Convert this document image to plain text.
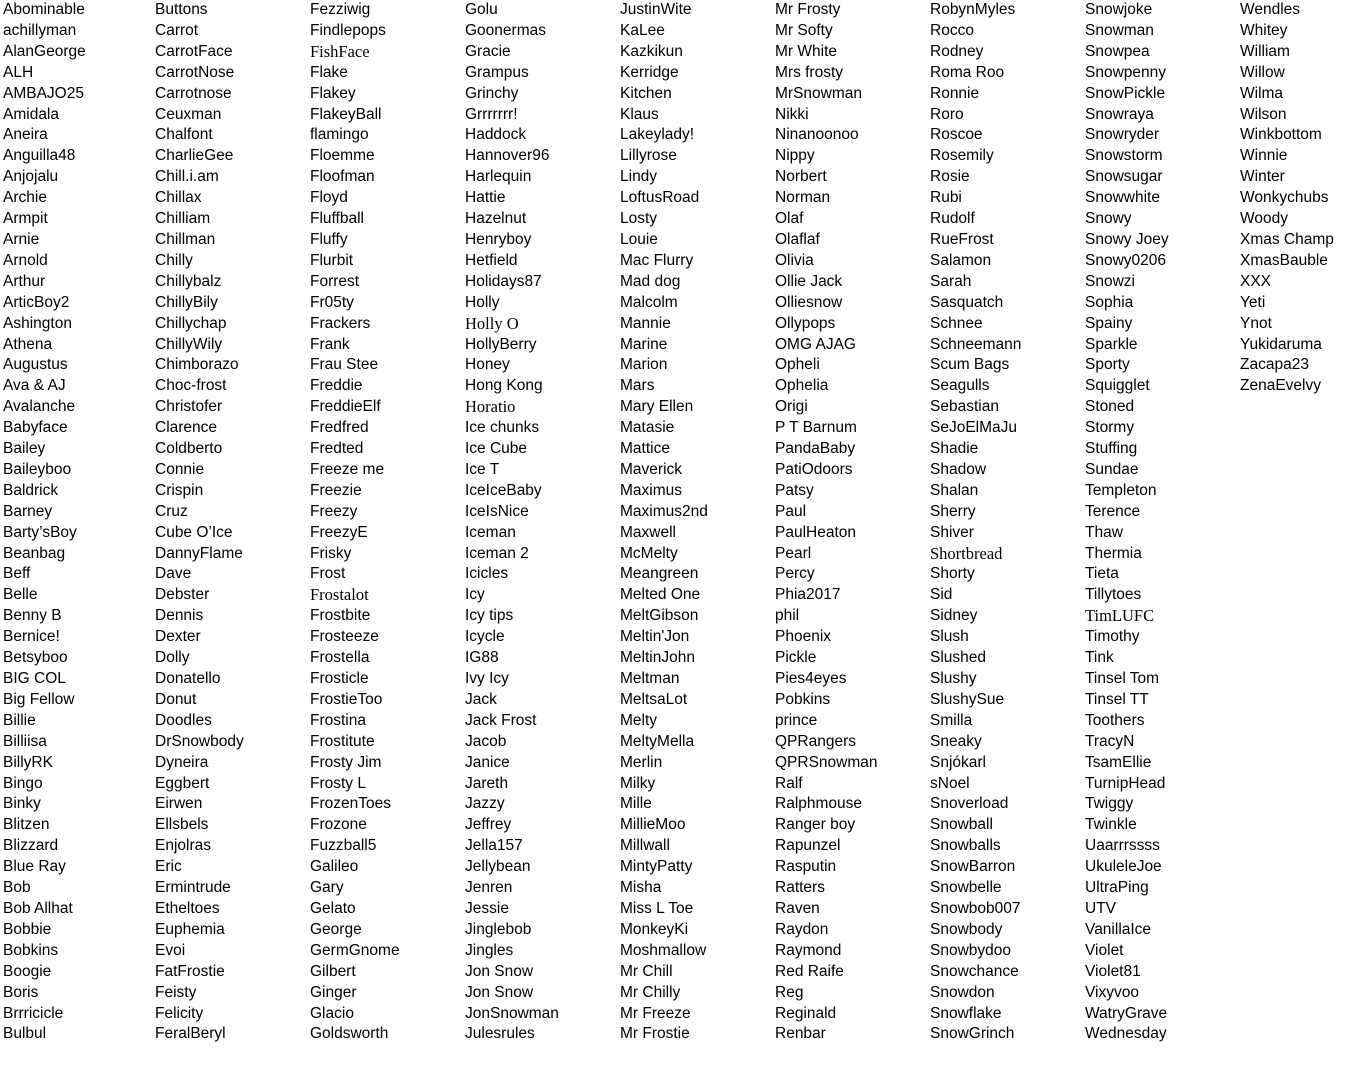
Abominable
achillyman
AlanGeorge
ALH
AMBAJO25
Amidala
Aneira
Anguilla48
Anjojalu
Archie
Armpit
Arnie
Arnold
Arthur
ArticBoy2
Ashington
Athena
Augustus
Ava & AJ
Avalanche
Babyface
Bailey
Baileyboo
Baldrick
Barney
Barty’sBoy
Beanbag
Beff
Belle
Benny B
Bernice!
Betsyboo
BIG COL
Big Fellow
Billie
Billiisa
BillyRK
Bingo
Binky
Blitzen
Blizzard
Blue Ray
Bob
Bob Allhat
Bobbie
Bobkins
Boogie
Boris
Brrricicle
Bulbul
Buttons
Carrot
CarrotFace
CarrotNose
Carrotnose
Ceuxman
Chalfont
CharlieGee
Chill.i.am
Chillax
Chilliam
Chillman
Chilly
Chillybalz
ChillyBily
Chillychap
ChillyWily
Chimborazo
Choc-frost
Christofer
Clarence
Coldberto
Connie
Crispin
Cruz
Cube O’Ice
DannyFlame
Dave
Debster
Dennis
Dexter
Dolly
Donatello
Donut
Doodles
DrSnowbody
Dyneira
Eggbert
Eirwen
Ellsbels
Enjolras
Eric
Ermintrude
Etheltoes
Euphemia
Evoi
FatFrostie
Feisty
Felicity
FeralBeryl
Fezziwig
Findlepops
FishFace
Flake
Flakey
FlakeyBall
flamingo
Floemme
Floofman
Floyd
Fluffball
Fluffy
Flurbit
Forrest
Fr05ty
Frackers
Frank
Frau Stee
Freddie
FreddieElf
Fredfred
Fredted
Freeze me
Freezie
Freezy
FreezyE
Frisky
Frost
Frostalot
Frostbite
Frosteeze
Frostella
Frosticle
FrostieToo
Frostina
Frostitute
Frosty Jim
Frosty L
FrozenToes
Frozone
Fuzzball5
Galileo
Gary
Gelato
George
GermGnome
Gilbert
Ginger
Glacio
Goldsworth
Golu
Goonermas
Gracie
Grampus
Grinchy
Grrrrrrr!
Haddock
Hannover96
Harlequin
Hattie
Hazelnut
Henryboy
Hetfield
Holidays87
Holly
Holly O
HollyBerry
Honey
Hong Kong
Horatio
Ice chunks
Ice Cube
Ice T
IceIceBaby
IceIsNice
Iceman
Iceman 2
Icicles
Icy
Icy tips
Icycle
IG88
Ivy Icy
Jack
Jack Frost
Jacob
Janice
Jareth
Jazzy
Jeffrey
Jella157
Jellybean
Jenren
Jessie
Jinglebob
Jingles
Jon Snow
Jon Snow
JonSnowman
Julesrules
JustinWite
KaLee
Kazkikun
Kerridge
Kitchen
Klaus
Lakeylady!
Lillyrose
Lindy
LoftusRoad
Losty
Louie
Mac Flurry
Mad dog
Malcolm
Mannie
Marine
Marion
Mars
Mary Ellen
Matasie
Mattice
Maverick
Maximus
Maximus2nd
Maxwell
McMelty
Meangreen
Melted One
MeltGibson
Meltin'Jon
MeltinJohn
Meltman
MeltsaLot
Melty
MeltyMella
Merlin
Milky
Mille
MillieMoo
Millwall
MintyPatty
Misha
Miss L Toe
MonkeyKi
Moshmallow
Mr Chill
Mr Chilly
Mr Freeze
Mr Frostie
Mr Frosty
Mr Softy
Mr White
Mrs frosty
MrSnowman
Nikki
Ninanoonoo
Nippy
Norbert
Norman
Olaf
Olaflaf
Olivia
Ollie Jack
Olliesnow
Ollypops
OMG AJAG
Opheli
Ophelia
Origi
P T Barnum
PandaBaby
PatiOdoors
Patsy
Paul
PaulHeaton
Pearl
Percy
Phia2017
phil
Phoenix
Pickle
Pies4eyes
Pobkins
prince
QPRangers
QPRSnowman
Ralf
Ralphmouse
Ranger boy
Rapunzel
Rasputin
Ratters
Raven
Raydon
Raymond
Red Raife
Reg
Reginald
Renbar
RobynMyles
Rocco
Rodney
Roma Roo
Ronnie
Roro
Roscoe
Rosemily
Rosie
Rubi
Rudolf
RueFrost
Salamon
Sarah
Sasquatch
Schnee
Schneemann
Scum Bags
Seagulls
Sebastian
SeJoElMaJu
Shadie
Shadow
Shalan
Sherry
Shiver
Shortbread
Shorty
Sid
Sidney
Slush
Slushed
Slushy
SlushySue
Smilla
Sneaky
Snjókarl
sNoel
Snoverload
Snowball
Snowballs
SnowBarron
Snowbelle
Snowbob007
Snowbody
Snowbydoo
Snowchance
Snowdon
Snowflake
SnowGrinch
Snowjoke
Snowman
Snowpea
Snowpenny
SnowPickle
Snowraya
Snowryder
Snowstorm
Snowsugar
Snowwhite
Snowy
Snowy Joey
Snowy0206
Snowzi
Sophia
Spainy
Sparkle
Sporty
Squigglet
Stoned
Stormy
Stuffing
Sundae
Templeton
Terence
Thaw
Thermia
Tieta
Tillytoes
TimLUFC
Timothy
Tink
Tinsel Tom
Tinsel TT
Toothers
TracyN
TsamEllie
TurnipHead
Twiggy
Twinkle
Uaarrrssss
UkuleleJoe
UltraPing
UTV
VanillaIce
Violet
Violet81
Vixyvoo
WatryGrave
Wednesday
Wendles
Whitey
William
Willow
Wilma
Wilson
Winkbottom
Winnie
Winter
Wonkychubs
Woody
Xmas Champ
XmasBauble
XXX
Yeti
Ynot
Yukidaruma
Zacapa23
ZenaEvelvy
